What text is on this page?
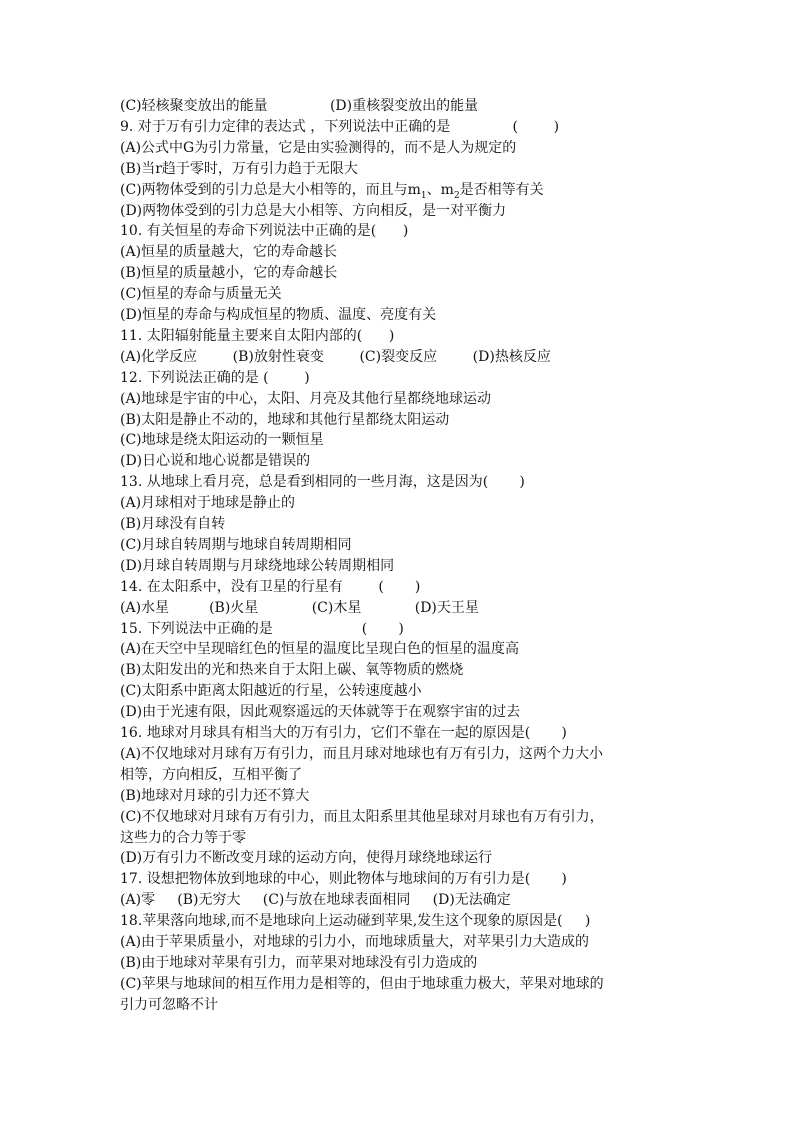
(C)轻核聚变放出的能量              (D)重核裂变放出的能量
9. 对于万有引力定律的表达式 ，下列说法中正确的是              (        )
(A)公式中G为引力常量，它是由实验测得的，而不是人为规定的
(B)当r趋于零时，万有引力趋于无限大
(C)两物体受到的引力总是大小相等的，而且与$m_1$、$m_2$是否相等有关
(D)两物体受到的引力总是大小相等、方向相反，是一对平衡力
10. 有关恒星的寿命下列说法中正确的是(      )
(A)恒星的质量越大，它的寿命越长
(B)恒星的质量越小，它的寿命越长
(C)恒星的寿命与质量无关
(D)恒星的寿命与构成恒星的物质、温度、亮度有关
11. 太阳辐射能量主要来自太阳内部的(      )
(A)化学反应        (B)放射性衰变        (C)裂变反应        (D)热核反应
12. 下列说法正确的是 (        )
(A)地球是宇宙的中心，太阳、月亮及其他行星都绕地球运动
(B)太阳是静止不动的，地球和其他行星都绕太阳运动
(C)地球是绕太阳运动的一颗恒星
(D)日心说和地心说都是错误的
13. 从地球上看月亮，总是看到相同的一些月海，这是因为(       )
(A)月球相对于地球是静止的
(B)月球没有自转
(C)月球自转周期与地球自转周期相同
(D)月球自转周期与月球绕地球公转周期相同
14. 在太阳系中，没有卫星的行星有        (       )
(A)水星         (B)火星            (C)木星            (D)天王星
15. 下列说法中正确的是                    (       )
(A)在天空中呈现暗红色的恒星的温度比呈现白色的恒星的温度高
(B)太阳发出的光和热来自于太阳上碳、氧等物质的燃烧
(C)太阳系中距离太阳越近的行星，公转速度越小
(D)由于光速有限，因此观察遥远的天体就等于在观察宇宙的过去
16. 地球对月球具有相当大的万有引力，它们不靠在一起的原因是(       )
(A)不仅地球对月球有万有引力，而且月球对地球也有万有引力，这两个力大小
相等，方向相反，互相平衡了
(B)地球对月球的引力还不算大
(C)不仅地球对月球有万有引力，而且太阳系里其他星球对月球也有万有引力，
这些力的合力等于零
(D)万有引力不断改变月球的运动方向，使得月球绕地球运行
17. 设想把物体放到地球的中心，则此物体与地球间的万有引力是(       )
(A)零     (B)无穷大     (C)与放在地球表面相同     (D)无法确定
18.苹果落向地球,而不是地球向上运动碰到苹果,发生这个现象的原因是(     )
(A)由于苹果质量小，对地球的引力小，而地球质量大，对苹果引力大造成的
(B)由于地球对苹果有引力，而苹果对地球没有引力造成的
(C)苹果与地球间的相互作用力是相等的，但由于地球重力极大，苹果对地球的
引力可忽略不计
